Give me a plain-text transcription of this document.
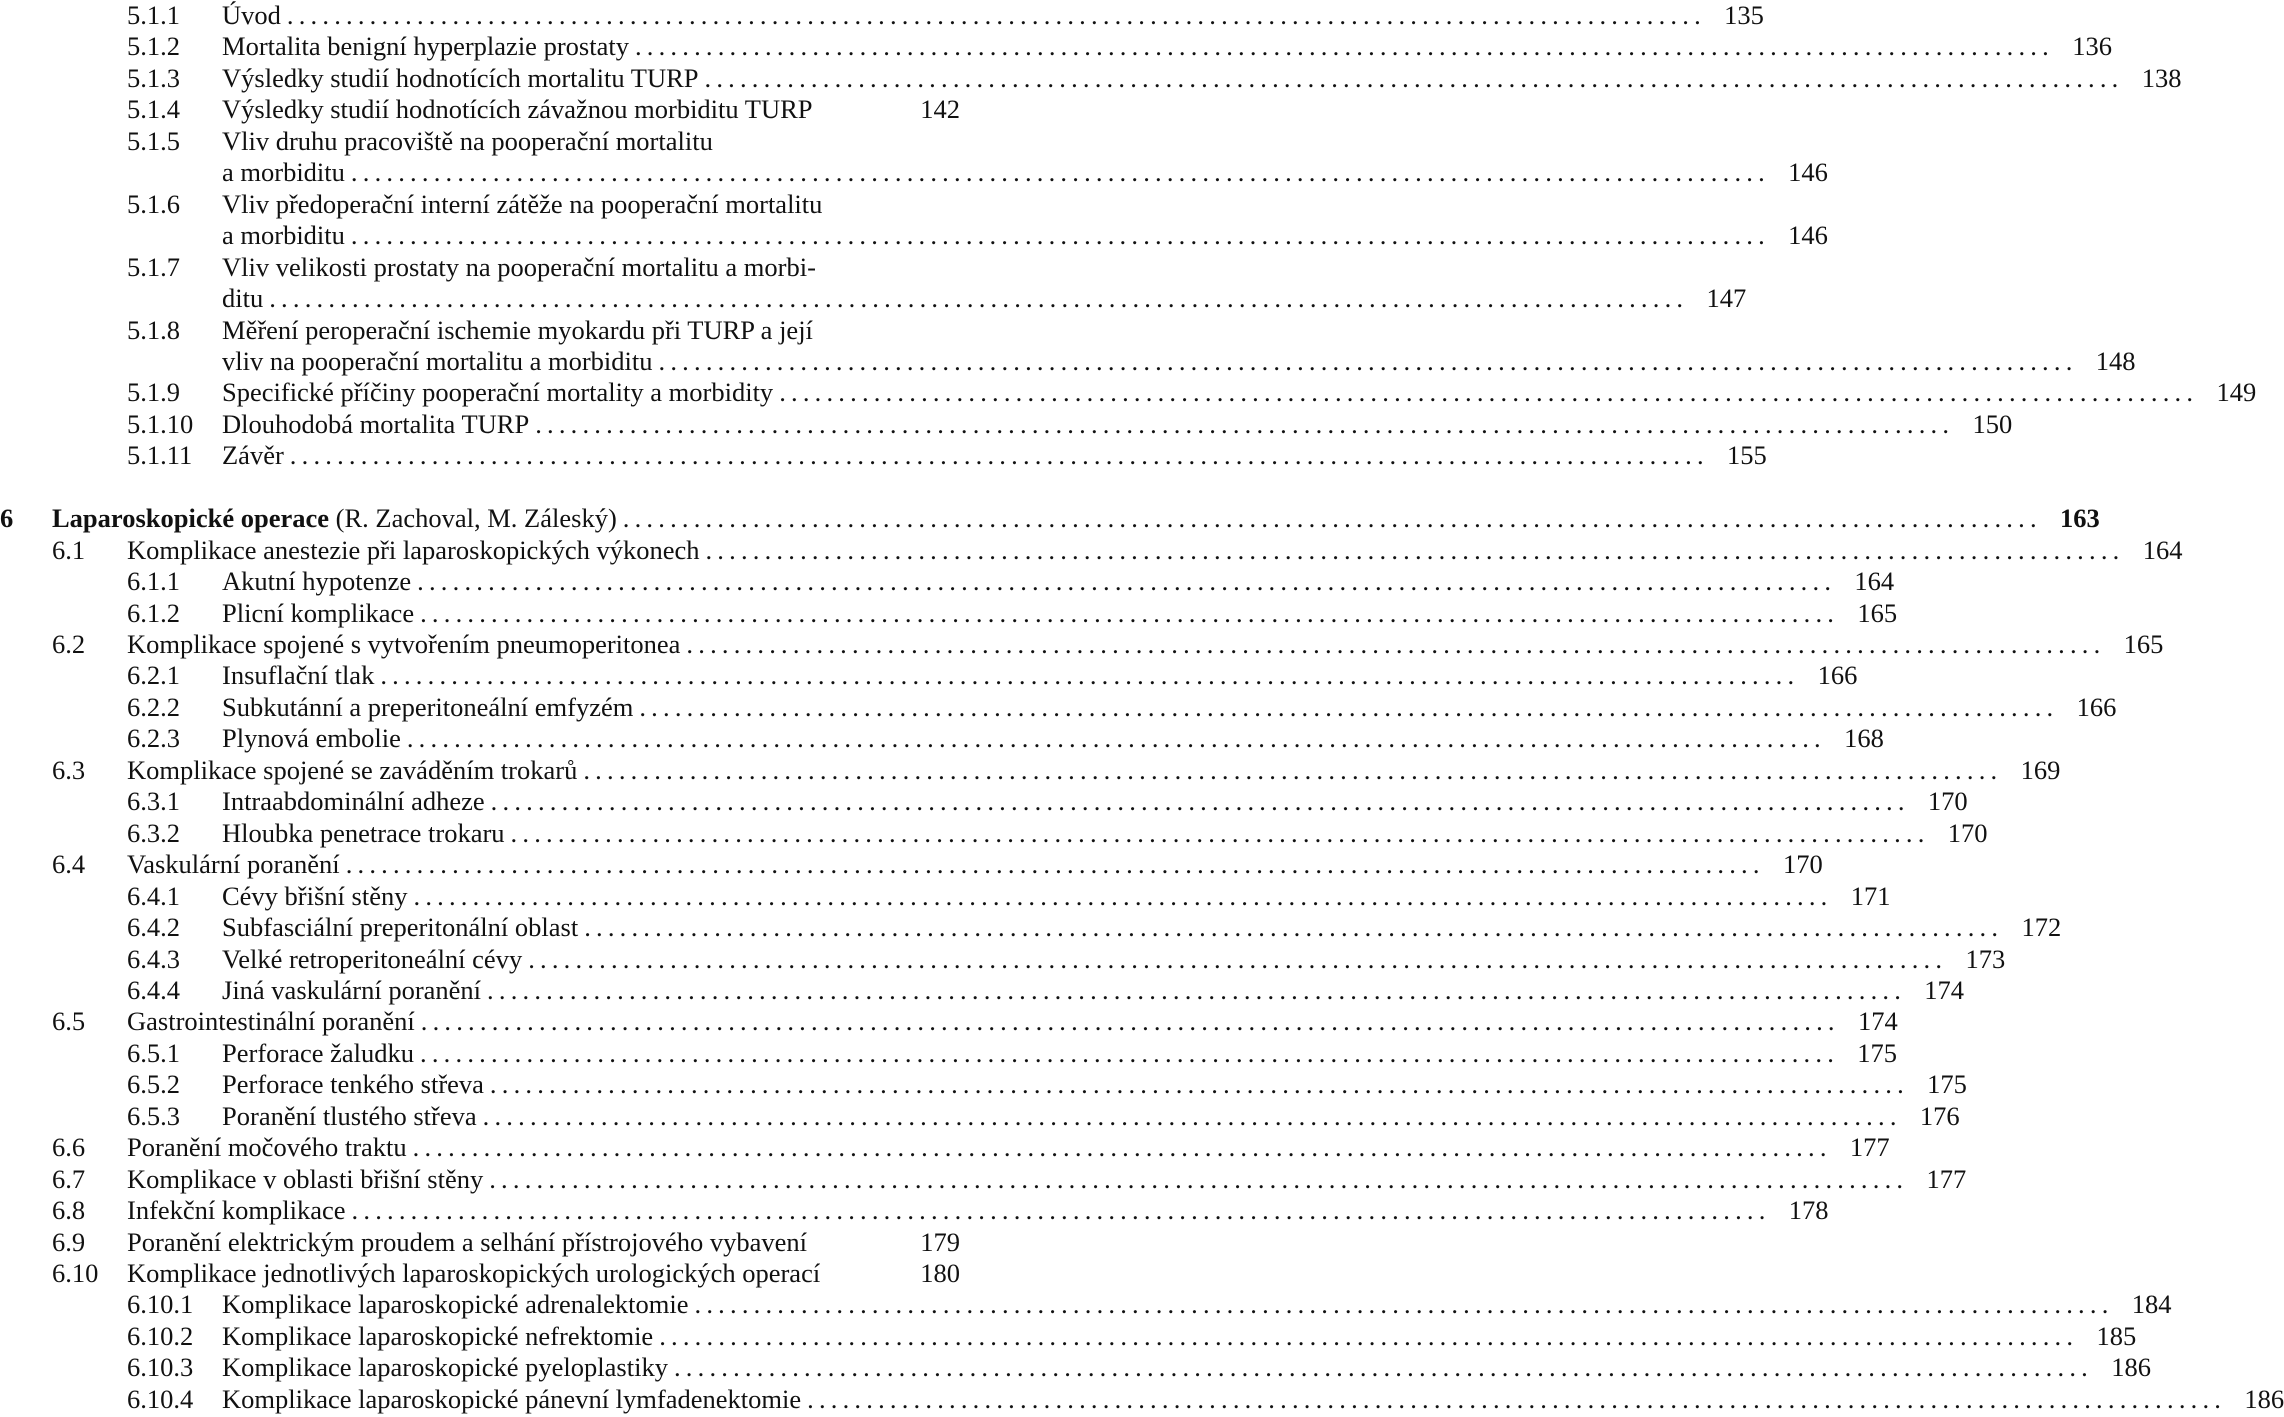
5.1.1 Úvod ........................................................................................................................ 135
5.1.2 Mortalita benigní hyperplazie prostaty ........................................................................................................................ 136
5.1.3 Výsledky studií hodnotících mortalitu TURP ........................................................................................................................ 138
5.1.4 Výsledky studií hodnotících závažnou morbiditu TURP	142
5.1.5 Vliv druhu pracoviště na pooperační mortalitu
a morbiditu ........................................................................................................................ 146
5.1.6 Vliv předoperační interní zátěže na pooperační mortalitu
a morbiditu ........................................................................................................................ 146
5.1.7 Vliv velikosti prostaty na pooperační mortalitu a morbi-
ditu ........................................................................................................................ 147
5.1.8 Měření peroperační ischemie myokardu při TURP a její
vliv na pooperační mortalitu a morbiditu ........................................................................................................................ 148
5.1.9 Specifické příčiny pooperační mortality a morbidity ........................................................................................................................ 149
5.1.10 Dlouhodobá mortalita TURP ........................................................................................................................ 150
5.1.11 Závěr ........................................................................................................................ 155
6 Laparoskopické operace (R. Zachoval, M. Záleský) ........................................................................................................................ 163
6.1 Komplikace anestezie při laparoskopických výkonech ........................................................................................................................ 164
6.1.1 Akutní hypotenze ........................................................................................................................ 164
6.1.2 Plicní komplikace ........................................................................................................................ 165
6.2 Komplikace spojené s vytvořením pneumoperitonea ........................................................................................................................ 165
6.2.1 Insuflační tlak ........................................................................................................................ 166
6.2.2 Subkutánní a preperitoneální emfyzém ........................................................................................................................ 166
6.2.3 Plynová embolie ........................................................................................................................ 168
6.3 Komplikace spojené se zaváděním trokarů ........................................................................................................................ 169
6.3.1 Intraabdominální adheze ........................................................................................................................ 170
6.3.2 Hloubka penetrace trokaru ........................................................................................................................ 170
6.4 Vaskulární poranění ........................................................................................................................ 170
6.4.1 Cévy břišní stěny ........................................................................................................................ 171
6.4.2 Subfasciální preperitonální oblast ........................................................................................................................ 172
6.4.3 Velké retroperitoneální cévy ........................................................................................................................ 173
6.4.4 Jiná vaskulární poranění ........................................................................................................................ 174
6.5 Gastrointestinální poranění ........................................................................................................................ 174
6.5.1 Perforace žaludku ........................................................................................................................ 175
6.5.2 Perforace tenkého střeva ........................................................................................................................ 175
6.5.3 Poranění tlustého střeva ........................................................................................................................ 176
6.6 Poranění močového traktu ........................................................................................................................ 177
6.7 Komplikace v oblasti břišní stěny ........................................................................................................................ 177
6.8 Infekční komplikace ........................................................................................................................ 178
6.9 Poranění elektrickým proudem a selhání přístrojového vybavení	179
6.10 Komplikace jednotlivých laparoskopických urologických operací	180
6.10.1 Komplikace laparoskopické adrenalektomie ........................................................................................................................ 184
6.10.2 Komplikace laparoskopické nefrektomie ........................................................................................................................ 185
6.10.3 Komplikace laparoskopické pyeloplastiky ........................................................................................................................ 186
6.10.4 Komplikace laparoskopické pánevní lymfadenektomie ........................................................................................................................ 186
